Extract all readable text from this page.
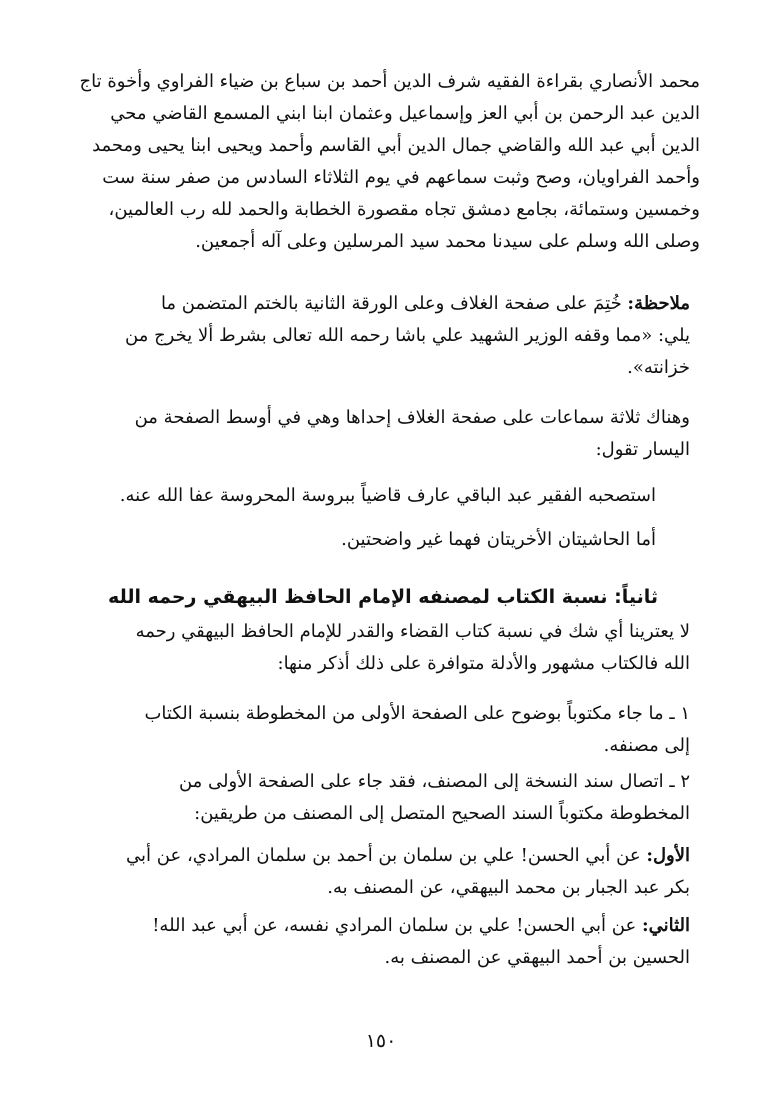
محمد الأنصاري بقراءة الفقيه شرف الدين أحمد بن سباع بن ضياء الفراوي وأخوة تاج
الدين عبد الرحمن بن أبي العز وإسماعيل وعثمان ابنا ابني المسمع القاضي محي
الدين أبي عبد الله والقاضي جمال الدين أبي القاسم وأحمد ويحيى ابنا يحيى ومحمد
وأحمد الفراويان، وصح وثبت سماعهم في يوم الثلاثاء السادس من صفر سنة ست
وخمسين وستمائة، بجامع دمشق تجاه مقصورة الخطابة والحمد لله رب العالمين،
وصلى الله وسلم على سيدنا محمد سيد المرسلين وعلى آله أجمعين.
ملاحظة: خُتِمَ على صفحة الغلاف وعلى الورقة الثانية بالختم المتضمن ما
يلي: «مما وقفه الوزير الشهيد علي باشا رحمه الله تعالى بشرط ألا يخرج من
خزانته».
وهناك ثلاثة سماعات على صفحة الغلاف إحداها وهي في أوسط الصفحة من
اليسار تقول:
استصحبه الفقير عبد الباقي عارف قاضياً ببروسة المحروسة عفا الله عنه.
أما الحاشيتان الأخريتان فهما غير واضحتين.
ثانياً: نسبة الكتاب لمصنفه الإمام الحافظ البيهقي رحمه الله
لا يعترينا أي شك في نسبة كتاب القضاء والقدر للإمام الحافظ البيهقي رحمه
الله فالكتاب مشهور والأدلة متوافرة على ذلك أذكر منها:
١ ـ ما جاء مكتوباً بوضوح على الصفحة الأولى من المخطوطة بنسبة الكتاب
إلى مصنفه.
٢ ـ اتصال سند النسخة إلى المصنف، فقد جاء على الصفحة الأولى من
المخطوطة مكتوباً السند الصحيح المتصل إلى المصنف من طريقين:
الأول: عن أبي الحسن! علي بن سلمان بن أحمد بن سلمان المرادي، عن أبي
بكر عبد الجبار بن محمد البيهقي، عن المصنف به.
الثاني: عن أبي الحسن! علي بن سلمان المرادي نفسه، عن أبي عبد الله!
الحسين بن أحمد البيهقي عن المصنف به.
١٥٠
